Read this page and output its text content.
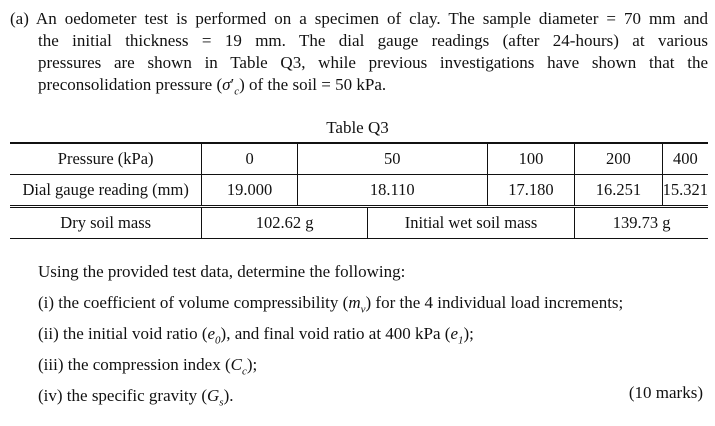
(a) An oedometer test is performed on a specimen of clay. The sample diameter = 70 mm and
the initial thickness = 19 mm. The dial gauge readings (after 24-hours) at various
pressures are shown in Table Q3, while previous investigations have shown that the
preconsolidation pressure $(\sigma'_c)$ of the soil = 50 kPa.
Table Q3
Pressure (kPa)	0	50		100	200	400
Dial gauge reading (mm)	19.000	18.110		17.180	16.251	15.321
Dry soil mass	102.62 g		Initial wet soil mass		139.73 g	
Using the provided test data, determine the following:
(i) the coefficient of volume compressibility $(m_v)$ for the 4 individual load increments;
(ii) the initial void ratio $(e_0)$, and final void ratio at 400 kPa $(e_1)$;
(iii) the compression index $(C_c)$;
(iv) the specific gravity $(G_s)$.	(10 marks)
